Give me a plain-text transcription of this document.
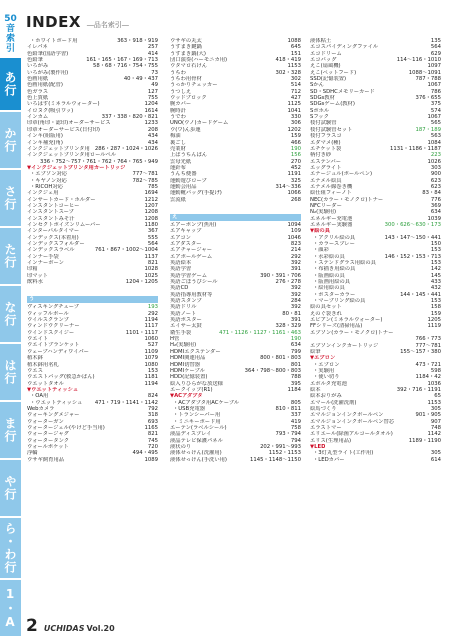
50
音
索
引
あ行
か行
さ行
た行
な行
は行
ま行
や行
ら・わ行
1・A
INDEX ―品名索引―
・ホワイトボード用	363・918・919
イレパネ	257
色鉛筆(国語学習)	414
色鉛筆	161・165・167・169・713
いろがみ	58・68・716・754・755
いろがみ(製作用)	73
色画用紙	40・49・437
色画用紙(配管)	49
色ガラス	127
色上質紙	755
いろはす(ミネラルウォーター)	1204
イロヌク(吸引ワッ)	1614
インカム	337・338・820・821
印章(角印・認印)オーダーサービス	1233
印章オーダーサービス(日付印)	208
インキ(組版用)	434
インキ補充(角)	434
インクジェットプリンタ用 286・287・1024・1026
インクジェットプリンタ用ロールペル
336・752〜757・761・762・764・765・949
▼インクジェットプリンタ用カートリッジ
・エプソン対応	777〜781
・キヤノン対応	782〜785
・RICOH対応	785
インクジェ用	1694
インサートカード・ホルダー	1212
インスタントコーヒー	1207
インスタントスープ	1208
インスタントみそ汁	1208
インセクトポイズンリムーバー	1180
インターバルタイマー	367
インデックス(本着用)	555
インデックスフォルダー	564
インデックスラベル	761・867・1002〜1004
インナー手袋	1137
インナーボーン	821
印箱	1028
印マット	1025
飲料水	1204・1205
う
ヴィスキングチューブ	193
ウィッフルボール	292
ウイルスクランプ	1194
ウィンドウクリーナー	1117
ウインドスクイジー	1101・1117
ウエイト	1060
ウエイトブランケット	527
ウェーブハンディワイパー	1109
植木鉢	1079
植木鉢用名札	1080
ウエス	153
ウエストバッグ(救急かばん)	1181
ウエットタオル	1194
▼ウエットティッシュ
・OA用	824
・ウエットティッシュ 471・719・1141・1142
Webカメラ	792
ウォーキングメジャー	318
ウォーターガン	693
ウォータージェル(やけど手当用)	1165
ウォータージャグ	821
ウォータータンク	745
ウォールポケット	720
浮輪	494・495
ウサギ飼育用品	1089
ウサギの丸太	1088
うすまき鍵鍋	645
うすまき鍋(大)	151
団口演奏(ハーモニカ用)	418・419
ウタマロ石けん	1153
うちわ	302・328
うちわ用骨材	302
うっかりチェッカー	514
うつしえ	712
ウッドブロック	427
腕カバー	1125
腕時計	1041
うでわ	330
UNO(ウノ)カードゲーム	306
ウ(ワ)ん歩運	1202
梅油	159
裏ごし	466
売業財	190
上ばうちんばん	156
雲母光紙	270
運針布	452
うんち便器	1191
運動遊びロープ	325
運動会用品	314〜336
運動靴バッグ(手提げ)	1066
雲流紙	268
え
エアーポンプ(魚用)	1094
エアキャップ	109
エアコン	1046
エアダスター	823
エアチャージャー	214
エアボールゲーム	292
英語絵本	392
英語学習	391
英語学習ゲーム	390・391・706
英語ごほうびシール	276・278
英語CD	392
英語指導用教材等	392
英語スタンプ	284
英語ドリル	392
英語ノート	80・81
英語ポスター	391
エイサー太鼓	328・329
衛生手袋	471・1126・1127・1161・463
H管	190
H₂(実験用)	634
HDMIエクステンダー	799
HDMI関連用品	800・801・803
HDMI切替器	801
HDMIケーブル	364・798〜800・803
HDD(記憶装置)	788
絵入りひらがな放送様	395
エークイップ(R1)	1184
▼ACアダプタ
・ACアダプタ用ACケーブル	805
・USB充電器	810・811
・トランシーバー用	337
・ミニキーボード用	419
エーテン(ラベルシール)	758
液晶ディスプレイ	793・794
液晶テレビ保護パネル	794
液状のり	202・991〜993
液体せっけん(洗濯用)	1152・1153
液体せっけん(手洗い用)	1145・1148〜1150
液体粘土	135
エコスパイディングファイル	564
エコドリーム	629
エコバッグ	114〜116・1010
えこ(扇風機)	1097
えこ(ペットフード)	1088〜1091
SSD(記憶装置)	787・788
Sかん	1067
SD・SDHCメモリーカード	786
SDGs教材	376・655
SDGsゲーム(教材)	375
Sポホル	574
Sフック	1067
枝付試験管	565
枝付試験管セット	187・189
枝付フラスコ	563
エダマメ(種)	1084
エチケット袋	1131・1186・1187
柄付き砂	223
エステンバー	1026
エッグライト	303
エナージュル(ボールペン)	900
エナメル絵具	623
エナメル線巻き機	623
絵仕組フィーノト	83・84
NEC(カラー・モノクロ)トナー	776
NFCリーダー	369
N₂(実験用)	634
エネルギー充電池	1039
エネルギー実験器	300・626〜630・173
▼絵の具
・アクリル絵の具	143・147〜150・441
・カラースプレー	150
・顔彩	153
・水彩絵の具	146・152・153・713
・ステンドグラス用絵の具	153
・布描き用絵の具	142
・版画絵の具	145
・版画用絵の具	433
・絵用絵の具	432
・ポスターカラー	144・145・441
・マーブリング絵の具	153
絵の具セット	158
えのぐ袋きれ	159
エビアン(ミネラルウォーター)	1205
FFシリーズ(清掃用品)	1119
エプソン(カラー・モノクロ)トナー
766・773
エプソンインクカートリッジ	777〜781
絵筆	155〜157・380
▼エプロン
・エプロン	473・721
・実験用	598
・使い切り	1184・42
エボルタ充電池	1036
絵本	392・716・1191
絵本おりがみ	65
エマール(洗濯洗剤)	1153
絵馬づくり	305
エマルジョンインクボールペン	901・905
エマルジョンインクボールペン替芯	907
エラストマー	748
エリエール(除菌アルコールタオル)	1142
エリス(生理用品)	1189・1190
▼LED
・3灯丸型ライト(工作用)	305
・LEDカバー	614
2 UCHIDAS Vol.20
